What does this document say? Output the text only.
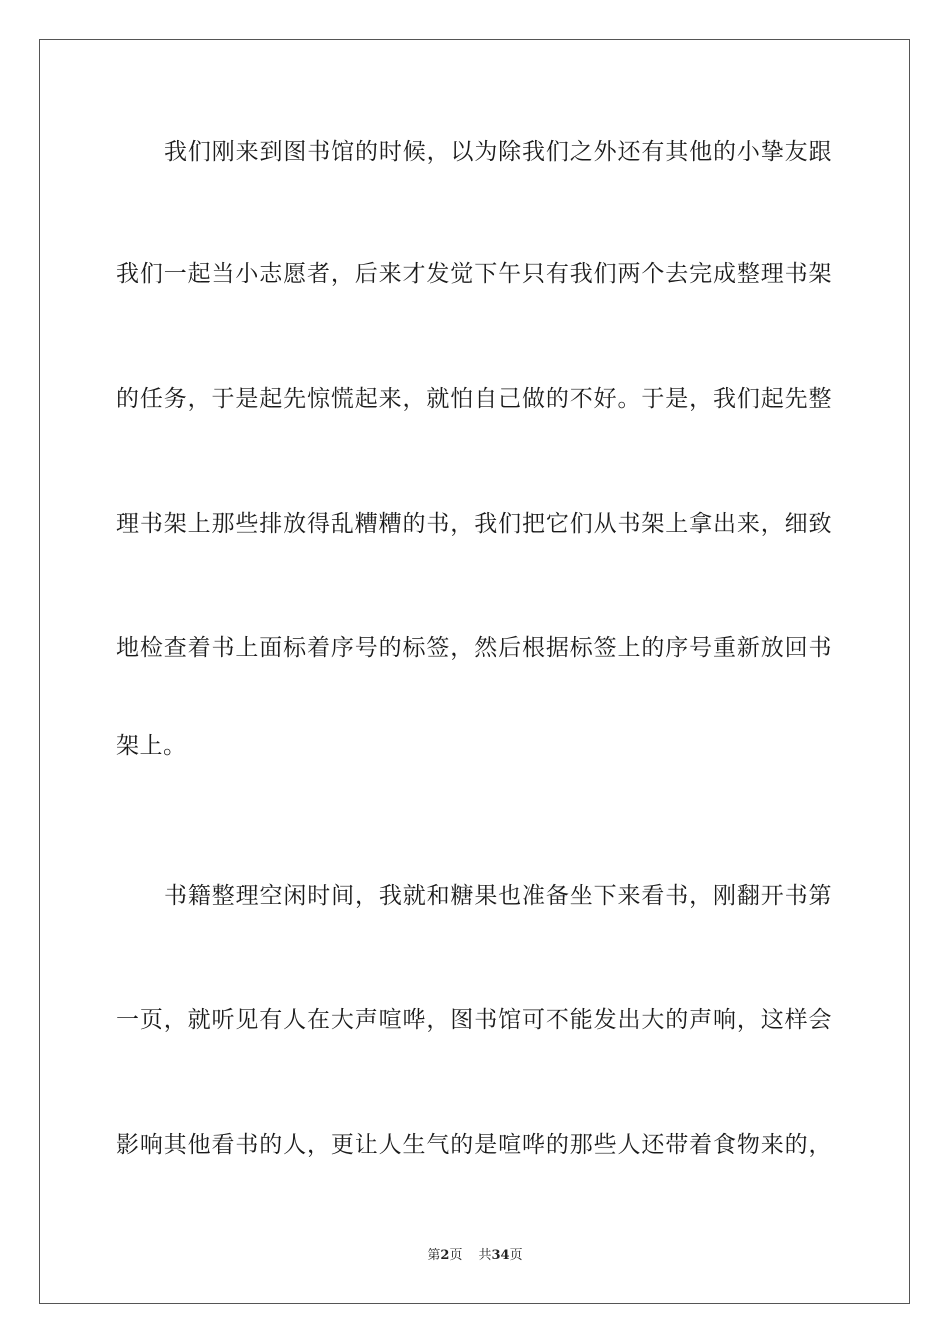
我们刚来到图书馆的时候，以为除我们之外还有其他的小挚友跟
我们一起当小志愿者，后来才发觉下午只有我们两个去完成整理书架
的任务，于是起先惊慌起来，就怕自己做的不好。于是，我们起先整
理书架上那些排放得乱糟糟的书，我们把它们从书架上拿出来，细致
地检查着书上面标着序号的标签，然后根据标签上的序号重新放回书
架上。
书籍整理空闲时间，我就和糖果也准备坐下来看书，刚翻开书第
一页，就听见有人在大声喧哗，图书馆可不能发出大的声响，这样会
影响其他看书的人，更让人生气的是喧哗的那些人还带着食物来的，
第2页 共34页
